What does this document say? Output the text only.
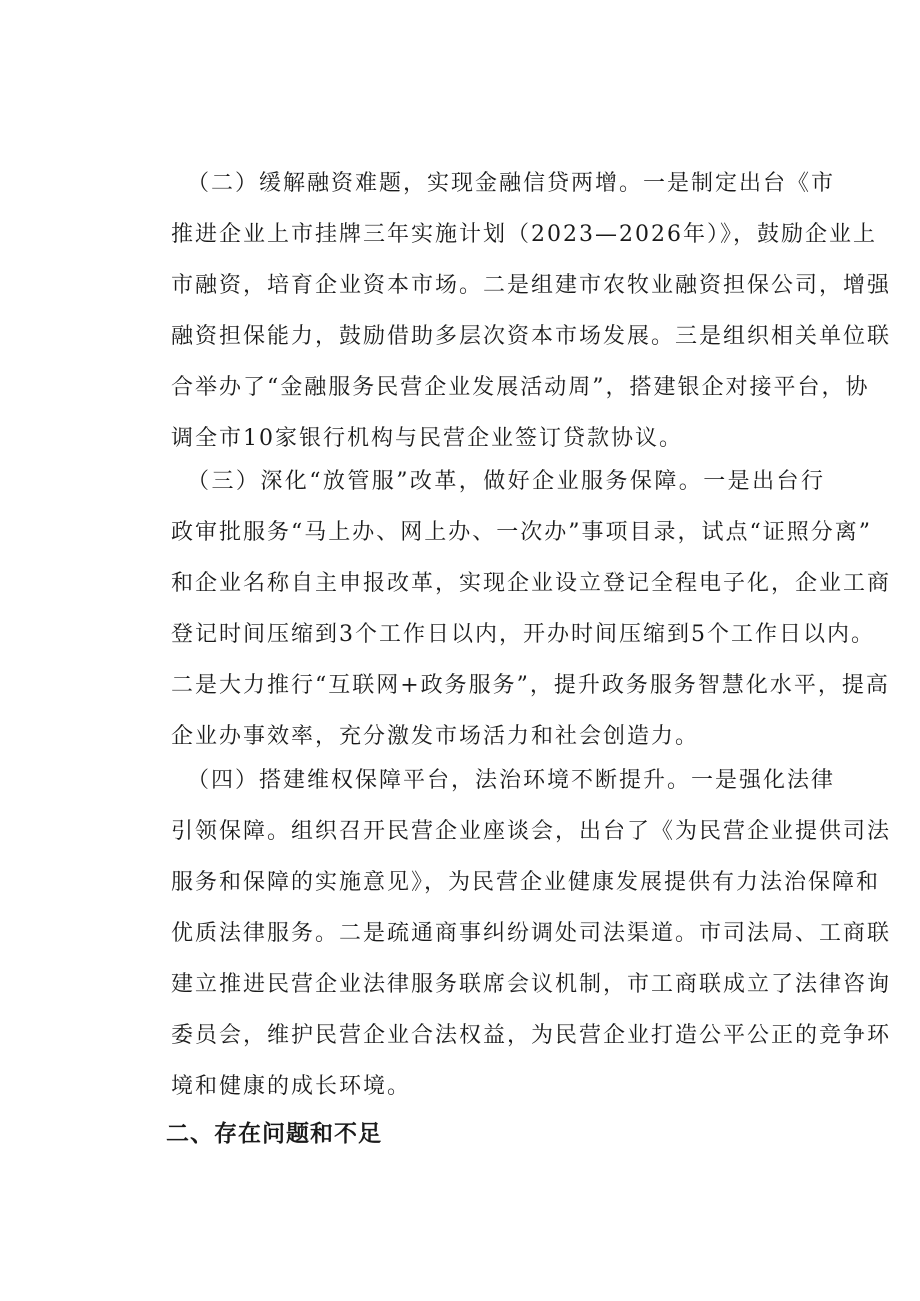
（二）缓解融资难题，实现金融信贷两增。一是制定出台《市
推进企业上市挂牌三年实施计划（2023—2026年）》，鼓励企业上
市融资，培育企业资本市场。二是组建市农牧业融资担保公司，增强
融资担保能力，鼓励借助多层次资本市场发展。三是组织相关单位联
合举办了“金融服务民营企业发展活动周”，搭建银企对接平台，协
调全市10家银行机构与民营企业签订贷款协议。

（三）深化“放管服”改革，做好企业服务保障。一是出台行
政审批服务“马上办、网上办、一次办”事项目录，试点“证照分离”
和企业名称自主申报改革，实现企业设立登记全程电子化，企业工商
登记时间压缩到3个工作日以内，开办时间压缩到5个工作日以内。
二是大力推行“互联网+政务服务”，提升政务服务智慧化水平，提高
企业办事效率，充分激发市场活力和社会创造力。

（四）搭建维权保障平台，法治环境不断提升。一是强化法律
引领保障。组织召开民营企业座谈会，出台了《为民营企业提供司法
服务和保障的实施意见》，为民营企业健康发展提供有力法治保障和
优质法律服务。二是疏通商事纠纷调处司法渠道。市司法局、工商联
建立推进民营企业法律服务联席会议机制，市工商联成立了法律咨询
委员会，维护民营企业合法权益，为民营企业打造公平公正的竞争环
境和健康的成长环境。

二、存在问题和不足
